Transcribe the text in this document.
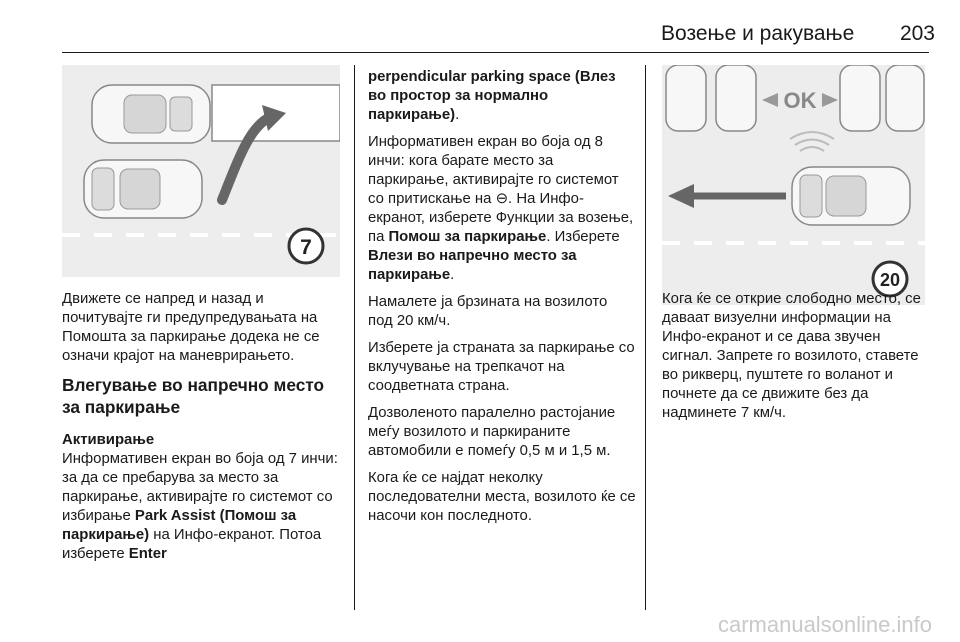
Возење и ракување 203
7
OK
20

Движете се напред и назад и почитувајте ги предупредувањата на Помошта за паркирање додека не се означи крајот на маневрирањето.

Влегување во напречно место за паркирање
Активирање

Информативен екран во боја од 7 инчи: за да се пребарува за место за паркирање, активирајте го системот со избирање Park Assist (Помош за паркирање) на Инфо-екранот. Потоа изберете Enter

perpendicular parking space (Влез во простор за нормално паркирање).

Информативен екран во боја од 8 инчи: кога барате место за паркирање, активирајте го системот со притискање на ⊖. На Инфо-екранот, изберете Функции за возење, па Помош за паркирање. Изберете Влези во напречно место за паркирање.

Намалете ја брзината на возилото под 20 км/ч.

Изберете ја страната за паркирање со вклучување на трепкачот на соодветната страна.

Дозволеното паралелно растојание меѓу возилото и паркираните автомобили е помеѓу 0,5 м и 1,5 м.

Кога ќе се најдат неколку последователни места, возилото ќе се насочи кон последното.

Кога ќе се открие слободно место, се даваат визуелни информации на Инфо-екранот и се дава звучен сигнал. Запрете го возилото, ставете во рикверц, пуштете го воланот и почнете да се движите без да надминете 7 км/ч.

carmanualsonline.info
